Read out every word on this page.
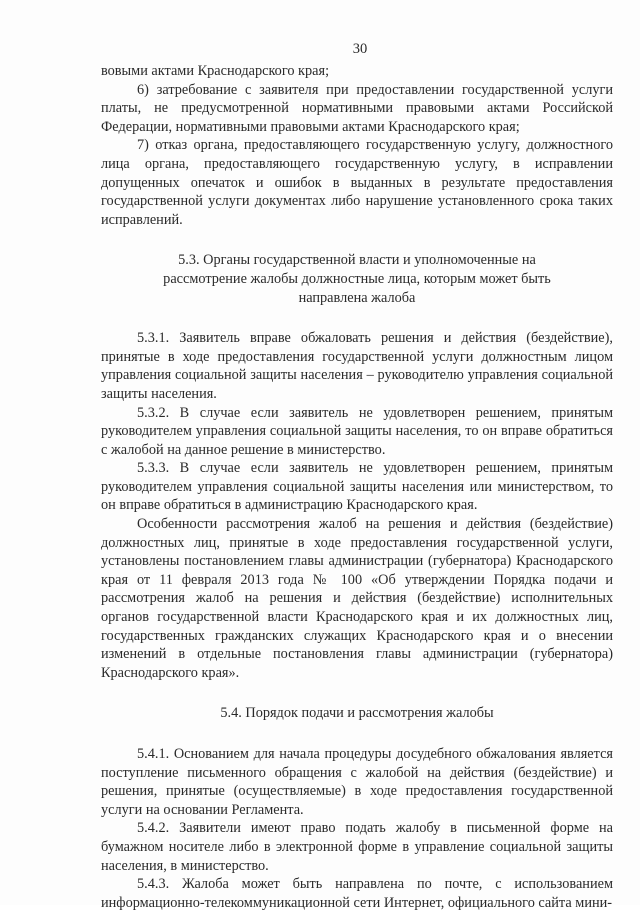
30

вовыми актами Краснодарского края;

6) затребование с заявителя при предоставлении государственной услуги платы, не предусмотренной нормативными правовыми актами Российской Федерации, нормативными правовыми актами Краснодарского края;

7) отказ органа, предоставляющего государственную услугу, должностного лица органа, предоставляющего государственную услугу, в исправлении допущенных опечаток и ошибок в выданных в результате предоставления государственной услуги документах либо нарушение установленного срока таких исправлений.

5.3. Органы государственной власти и уполномоченные на
рассмотрение жалобы должностные лица, которым может быть
направлена жалоба

5.3.1. Заявитель вправе обжаловать решения и действия (бездействие), принятые в ходе предоставления государственной услуги должностным лицом управления социальной защиты населения – руководителю управления социальной защиты населения.

5.3.2. В случае если заявитель не удовлетворен решением, принятым руководителем управления социальной защиты населения, то он вправе обратиться с жалобой на данное решение в министерство.

5.3.3. В случае если заявитель не удовлетворен решением, принятым руководителем управления социальной защиты населения или министерством, то он вправе обратиться в администрацию Краснодарского края.

Особенности рассмотрения жалоб на решения и действия (бездействие) должностных лиц, принятые в ходе предоставления государственной услуги, установлены постановлением главы администрации (губернатора) Краснодарского края от 11 февраля 2013 года № 100 «Об утверждении Порядка подачи и рассмотрения жалоб на решения и действия (бездействие) исполнительных органов государственной власти Краснодарского края и их должностных лиц, государственных гражданских служащих Краснодарского края и о внесении изменений в отдельные постановления главы администрации (губернатора) Краснодарского края».

5.4. Порядок подачи и рассмотрения жалобы

5.4.1. Основанием для начала процедуры досудебного обжалования является поступление письменного обращения с жалобой на действия (бездействие) и решения, принятые (осуществляемые) в ходе предоставления государственной услуги на основании Регламента.

5.4.2. Заявители имеют право подать жалобу в письменной форме на бумажном носителе либо в электронной форме в управление социальной защиты населения, в министерство.

5.4.3. Жалоба может быть направлена по почте, с использованием информационно-телекоммуникационной сети Интернет, официального сайта мини-
